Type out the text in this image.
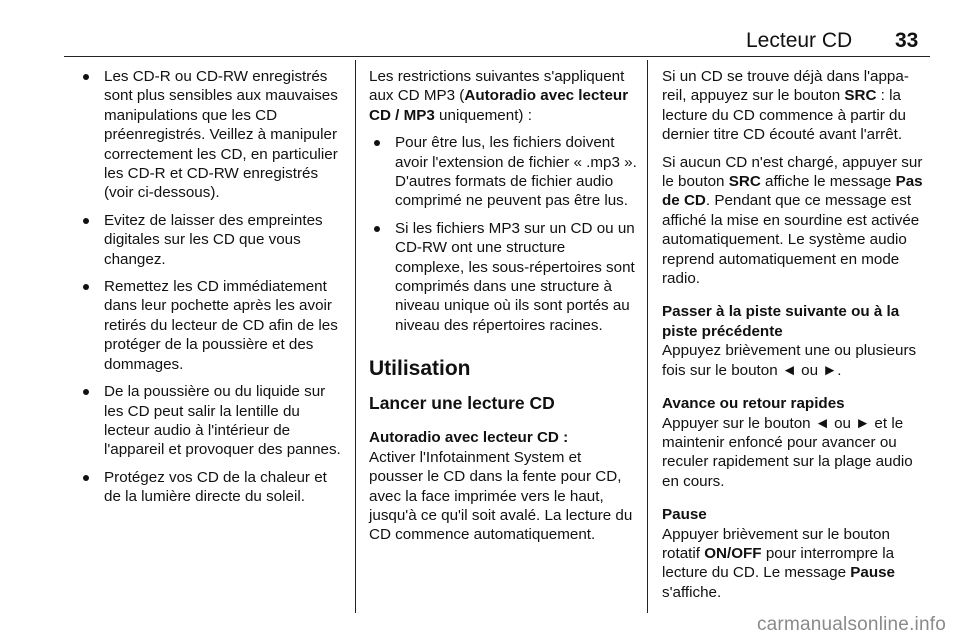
Lecteur CD 33
Les CD-R ou CD-RW enregistrés sont plus sensibles aux mauvaises manipulations que les CD préenregistrés. Veillez à manipuler correctement les CD, en particulier les CD-R et CD-RW enregistrés (voir ci-dessous).
Evitez de laisser des empreintes digitales sur les CD que vous changez.
Remettez les CD immédiatement dans leur pochette après les avoir retirés du lecteur de CD afin de les protéger de la poussière et des dommages.
De la poussière ou du liquide sur les CD peut salir la lentille du lecteur audio à l'intérieur de l'appareil et provoquer des pannes.
Protégez vos CD de la chaleur et de la lumière directe du soleil.

Les restrictions suivantes s'appliquent aux CD MP3 (Autoradio avec lecteur CD / MP3 uniquement) :

Pour être lus, les fichiers doivent avoir l'extension de fichier « .mp3 ». D'autres formats de fichier audio comprimé ne peuvent pas être lus.
Si les fichiers MP3 sur un CD ou un CD-RW ont une structure complexe, les sous-répertoires sont comprimés dans une structure à niveau unique où ils sont portés au niveau des répertoires racines.
Utilisation
Lancer une lecture CD

Autoradio avec lecteur CD :

Activer l'Infotainment System et pousser le CD dans la fente pour CD, avec la face imprimée vers le haut, jusqu'à ce qu'il soit avalé. La lecture du CD commence automatiquement.

Si un CD se trouve déjà dans l'appareil, appuyez sur le bouton SRC : la lecture du CD commence à partir du dernier titre CD écouté avant l'arrêt.

Si aucun CD n'est chargé, appuyer sur le bouton SRC affiche le message Pas de CD. Pendant que ce message est affiché la mise en sourdine est activée automatiquement. Le système audio reprend automatiquement en mode radio.

Passer à la piste suivante ou à la piste précédente

Appuyez brièvement une ou plusieurs fois sur le bouton ◄ ou ►.

Avance ou retour rapides

Appuyer sur le bouton ◄ ou ► et le maintenir enfoncé pour avancer ou reculer rapidement sur la plage audio en cours.

Pause

Appuyer brièvement sur le bouton rotatif ON/OFF pour interrompre la lecture du CD. Le message Pause s'affiche.

carmanualsonline.info
